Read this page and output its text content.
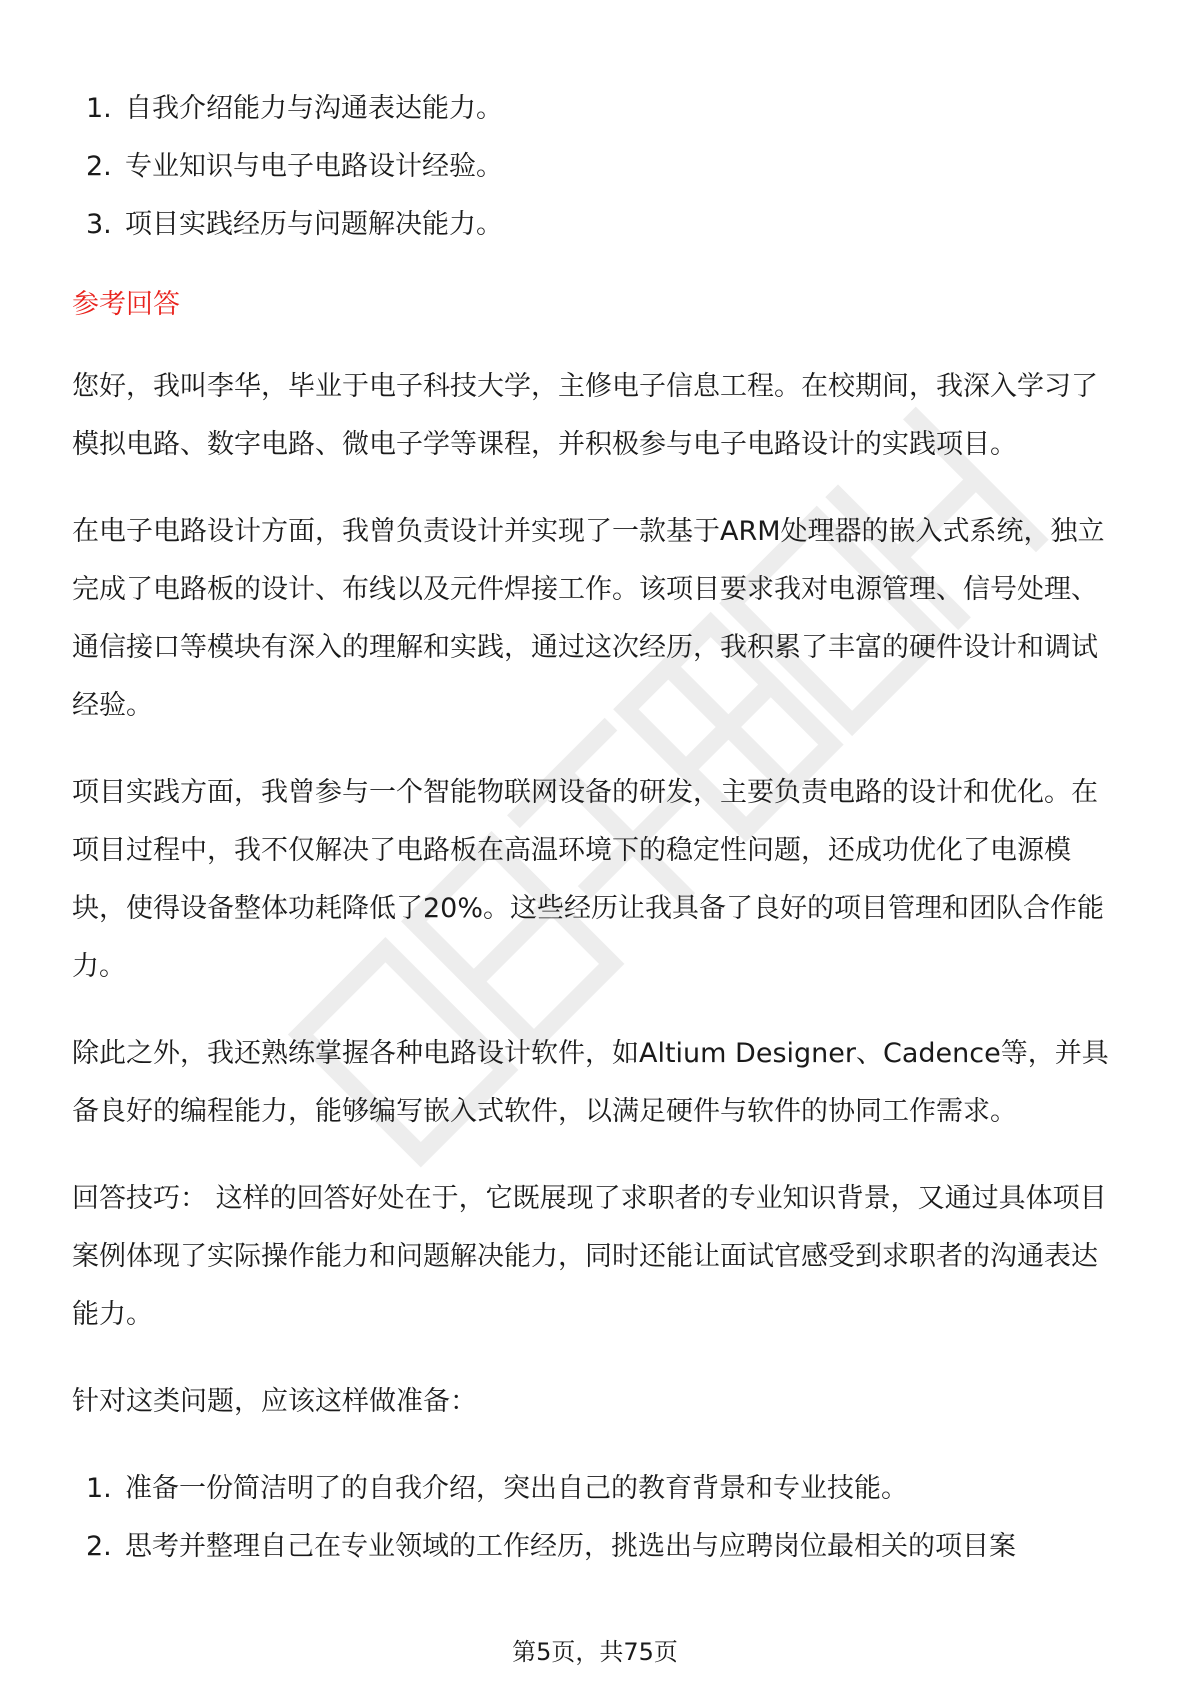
1. 自我介绍能力与沟通表达能力。
2. 专业知识与电子电路设计经验。
3. 项目实践经历与问题解决能力。
参考回答

您好，我叫李华，毕业于电子科技大学，主修电子信息工程。在校期间，我深入学习了模拟电路、数字电路、微电子学等课程，并积极参与电子电路设计的实践项目。

在电子电路设计方面，我曾负责设计并实现了一款基于ARM处理器的嵌入式系统，独立完成了电路板的设计、布线以及元件焊接工作。该项目要求我对电源管理、信号处理、通信接口等模块有深入的理解和实践，通过这次经历，我积累了丰富的硬件设计和调试经验。

项目实践方面，我曾参与一个智能物联网设备的研发，主要负责电路的设计和优化。在项目过程中，我不仅解决了电路板在高温环境下的稳定性问题，还成功优化了电源模块，使得设备整体功耗降低了20%。这些经历让我具备了良好的项目管理和团队合作能力。

除此之外，我还熟练掌握各种电路设计软件，如Altium Designer、Cadence等，并具备良好的编程能力，能够编写嵌入式软件，以满足硬件与软件的协同工作需求。

回答技巧： 这样的回答好处在于，它既展现了求职者的专业知识背景，又通过具体项目案例体现了实际操作能力和问题解决能力，同时还能让面试官感受到求职者的沟通表达能力。

针对这类问题，应该这样做准备：

1. 准备一份简洁明了的自我介绍，突出自己的教育背景和专业技能。
2. 思考并整理自己在专业领域的工作经历，挑选出与应聘岗位最相关的项目案
第5页，共75页
